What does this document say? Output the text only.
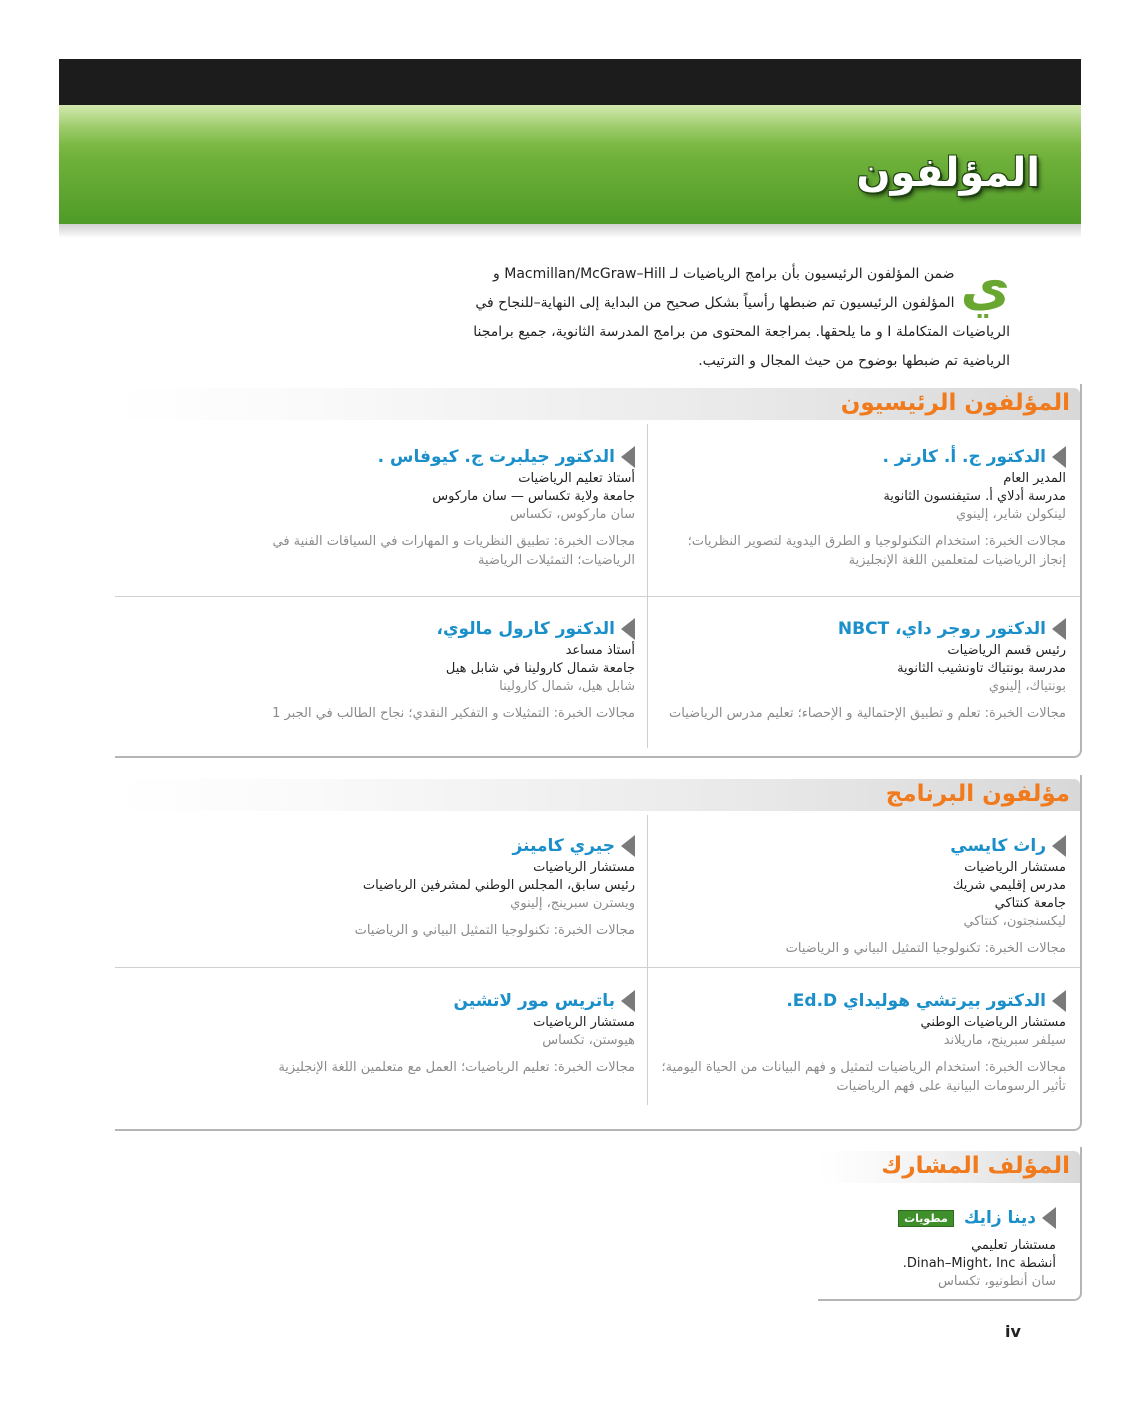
المؤلفون
ي
ضمن المؤلفون الرئيسيون بأن برامج الرياضيات لـ Macmillan/McGraw–Hill و
المؤلفون الرئيسيون تم ضبطها رأسياً بشكل صحيح من البداية إلى النهاية–للنجاح في
الرياضيات المتكاملة I و ما يلحقها. بمراجعة المحتوى من برامج المدرسة الثانوية، جميع برامجنا
الرياضية تم ضبطها بوضوح من حيث المجال و الترتيب.
المؤلفون الرئيسيون
الدكتور ج. أ. كارتر .
المدير العام
مدرسة أدلاي أ. ستيفنسون الثانوية
لينكولن شاير، إلينوي
مجالات الخبرة: استخدام التكنولوجيا و الطرق اليدوية لتصوير النظريات؛ إنجاز الرياضيات لمتعلمين اللغة الإنجليزية
الدكتور جيلبرت ج. كيوفاس .
أستاذ تعليم الرياضيات
جامعة ولاية تكساس — سان ماركوس
سان ماركوس، تكساس
مجالات الخبرة: تطبيق النظريات و المهارات في السياقات الفنية في الرياضيات؛ التمثيلات الرياضية
الدكتور روجر داي، NBCT
رئيس قسم الرياضيات
مدرسة بونتياك تاونشيب الثانوية
بونتياك، إلينوي
مجالات الخبرة: تعلم و تطبيق الإحتمالية و الإحصاء؛ تعليم مدرس الرياضيات
الدكتور كارول مالوي،
أستاذ مساعد
جامعة شمال كارولينا في شابل هيل
شابل هيل، شمال كارولينا
مجالات الخبرة: التمثيلات و التفكير النقدي؛ نجاح الطالب في الجبر 1
مؤلفون البرنامج
راث كايسي
مستشار الرياضيات
مدرس إقليمي شريك
جامعة كنتاكي
ليكسنجتون، كنتاكي
مجالات الخبرة: تكنولوجيا التمثيل البياني و الرياضيات
جيري كامينز
مستشار الرياضيات
رئيس سابق، المجلس الوطني لمشرفين الرياضيات
ويسترن سبرينج، إلينوي
مجالات الخبرة: تكنولوجيا التمثيل البياني و الرياضيات
الدكتور بيرتشي هوليداي Ed.D.
مستشار الرياضيات الوطني
سيلفر سبرينج، ماريلاند
مجالات الخبرة: استخدام الرياضيات لتمثيل و فهم البيانات من الحياة اليومية؛ تأثير الرسومات البيانية على فهم الرياضيات
باتريس مور لاتشين
مستشار الرياضيات
هيوستن، تكساس
مجالات الخبرة: تعليم الرياضيات؛ العمل مع متعلمين اللغة الإنجليزية
المؤلف المشارك
دينا زايك
مطويات
مستشار تعليمي
أنشطة Dinah–Might، Inc.
سان أنطونيو، تكساس
iv
